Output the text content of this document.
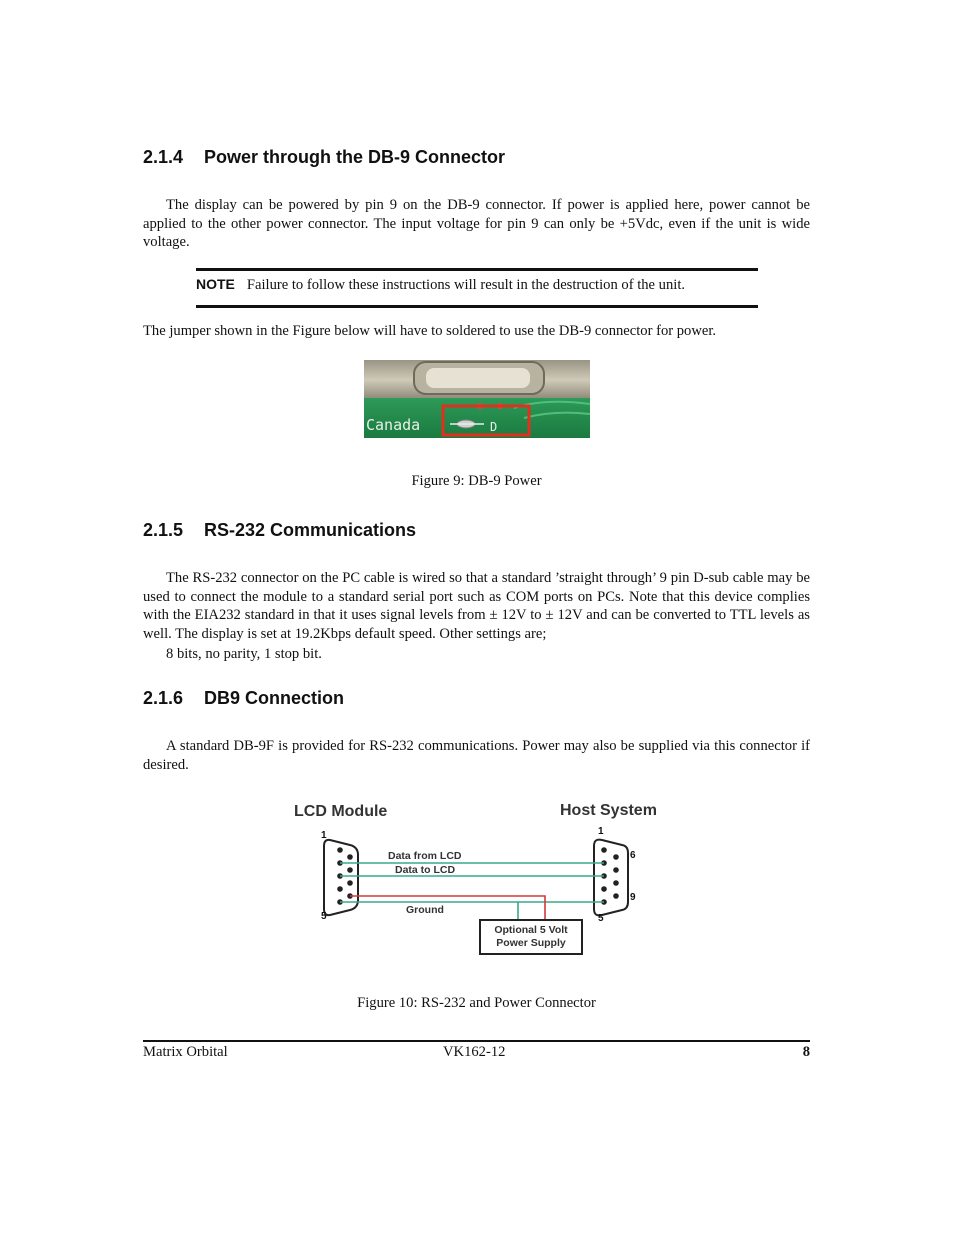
2.1.4 Power through the DB-9 Connector

The display can be powered by pin 9 on the DB-9 connector. If power is applied here, power cannot be applied to the other power connector. The input voltage for pin 9 can only be +5Vdc, even if the unit is wide voltage.

NOTE Failure to follow these instructions will result in the destruction of the unit.

The jumper shown in the Figure below will have to soldered to use the DB-9 connector for power.

Canada	D
Figure 9: DB-9 Power
2.1.5 RS-232 Communications

The RS-232 connector on the PC cable is wired so that a standard ’straight through’ 9 pin D-sub cable may be used to connect the module to a standard serial port such as COM ports on PCs. Note that this device complies with the EIA232 standard in that it uses signal levels from ± 12V to ± 12V and can be converted to TTL levels as well. The display is set at 19.2Kbps default speed. Other settings are;

8 bits, no parity, 1 stop bit.

2.1.6 DB9 Connection

A standard DB-9F is provided for RS-232 communications. Power may also be supplied via this connector if desired.

LCD Module	Host System
1
5
1
6
9
5
Data from LCD
Data to LCD
Ground
Optional 5 Volt
Power Supply
Figure 10: RS-232 and Power Connector
Matrix Orbital	VK162-12	8
